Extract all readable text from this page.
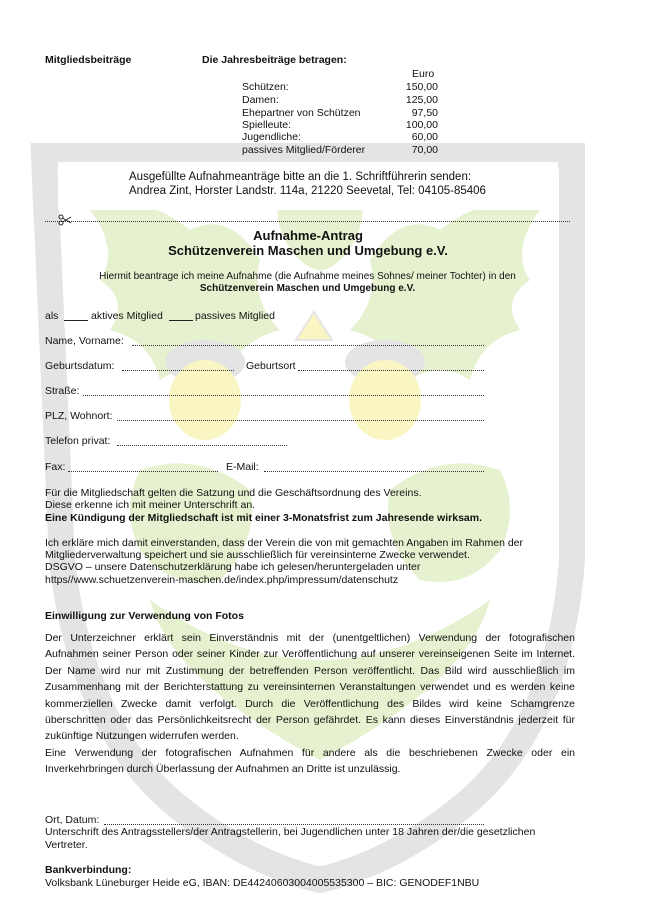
Mitgliedsbeiträge	Die Jahresbeiträge betragen:
Euro
Schützen:	150,00
Damen:	125,00
Ehepartner von Schützen	97,50
Spielleute:	100,00
Jugendliche:	60,00
passives Mitglied/Förderer	70,00
Ausgefüllte Aufnahmeanträge bitte an die 1. Schriftführerin senden:
Andrea Zint, Horster Landstr. 114a, 21220 Seevetal, Tel: 04105-85406
Aufnahme-Antrag
Schützenverein Maschen und Umgebung e.V.
Hiermit beantrage ich meine Aufnahme (die Aufnahme meines Sohnes/ meiner Tochter) in den
Schützenverein Maschen und Umgebung e.V.
als	aktives Mitglied	passives Mitglied
Name, Vorname:
Geburtsdatum:	Geburtsort
Straße:
PLZ, Wohnort:
Telefon privat:
Fax:	E-Mail:
Für die Mitgliedschaft gelten die Satzung und die Geschäftsordnung des Vereins.
Diese erkenne ich mit meiner Unterschrift an.
Eine Kündigung der Mitgliedschaft ist mit einer 3-Monatsfrist zum Jahresende wirksam.
Ich erkläre mich damit einverstanden, dass der Verein die von mit gemachten Angaben im Rahmen der
Mitgliederverwaltung speichert und sie ausschließlich für vereinsinterne Zwecke verwendet.
DSGVO – unsere Datenschutzerklärung habe ich gelesen/heruntergeladen unter
https//www.schuetzenverein-maschen.de/index.php/impressum/datenschutz
Einwilligung zur Verwendung von Fotos
Der Unterzeichner erklärt sein Einverständnis mit der (unentgeltlichen) Verwendung der fotografischen Aufnahmen seiner Person oder seiner Kinder zur Veröffentlichung auf unserer vereinseigenen Seite im Internet. Der Name wird nur mit Zustimmung der betreffenden Person veröffentlicht. Das Bild wird ausschließlich im Zusammenhang mit der Berichterstattung zu vereinsinternen Veranstaltungen verwendet und es werden keine kommerziellen Zwecke damit verfolgt. Durch die Veröffentlichung des Bildes wird keine Schamgrenze überschritten oder das Persönlichkeitsrecht der Person gefährdet. Es kann dieses Einverständnis jederzeit für zukünftige Nutzungen widerrufen werden.
Eine Verwendung der fotografischen Aufnahmen für andere als die beschriebenen Zwecke oder ein Inverkehrbringen durch Überlassung der Aufnahmen an Dritte ist unzulässig.
Ort, Datum:
Unterschrift des Antragsstellers/der Antragstellerin, bei Jugendlichen unter 18 Jahren der/die gesetzlichen
Vertreter.
Bankverbindung:
Volksbank Lüneburger Heide eG, IBAN: DE44240603004005535300 – BIC: GENODEF1NBU
